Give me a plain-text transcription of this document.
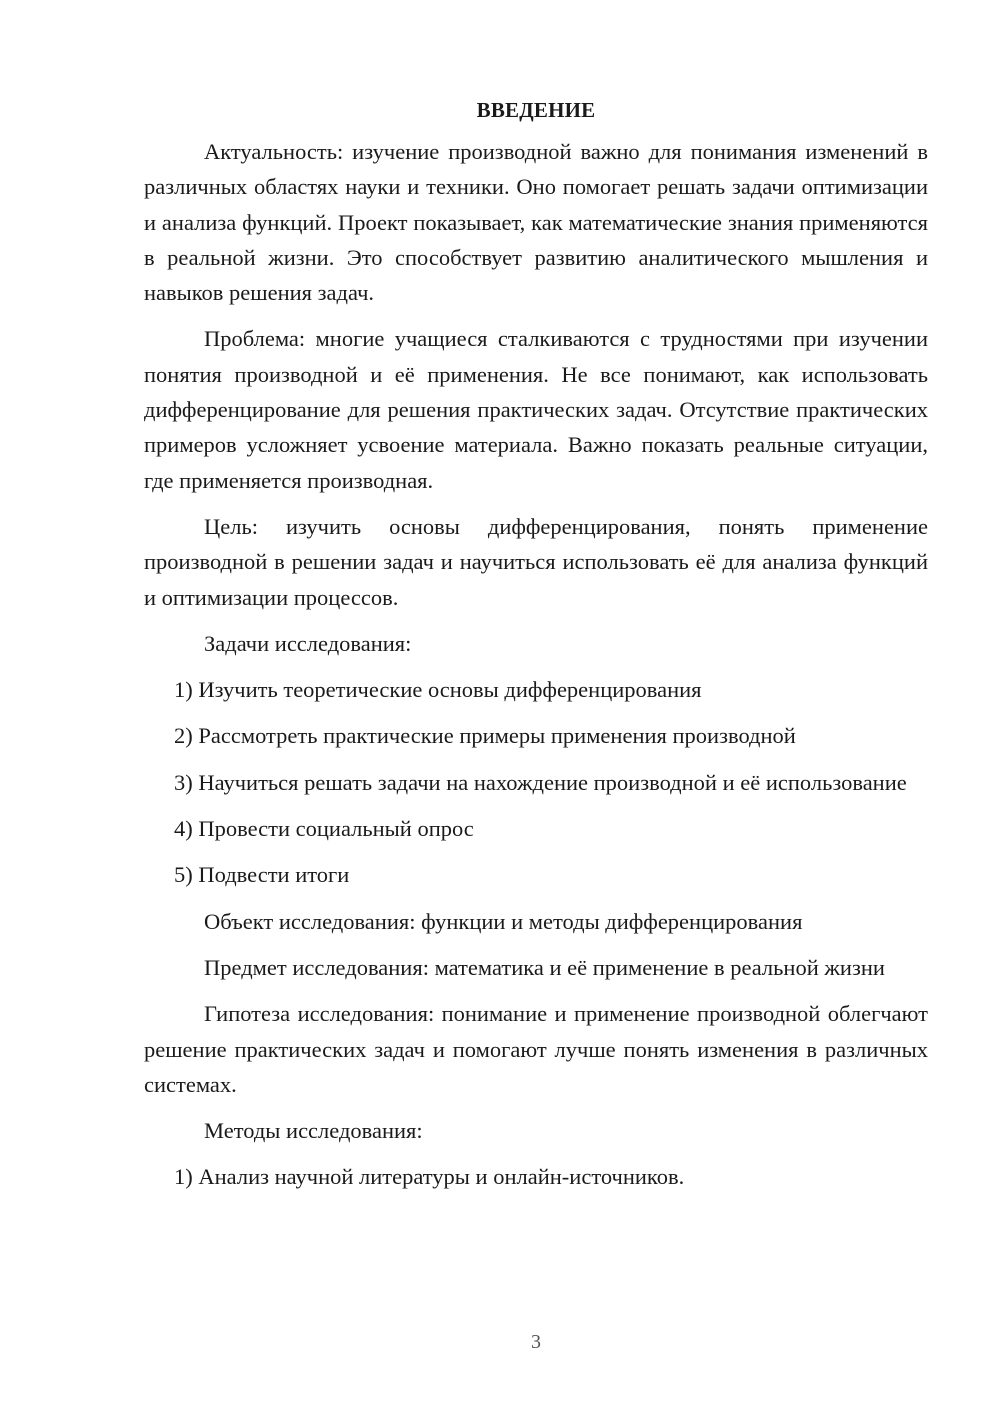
ВВЕДЕНИЕ

Актуальность: изучение производной важно для понимания изменений в различных областях науки и техники. Оно помогает решать задачи оптимизации и анализа функций. Проект показывает, как математические знания применяются в реальной жизни. Это способствует развитию аналитического мышления и навыков решения задач.

Проблема: многие учащиеся сталкиваются с трудностями при изучении понятия производной и её применения. Не все понимают, как использовать дифференцирование для решения практических задач. Отсутствие практических примеров усложняет усвоение материала. Важно показать реальные ситуации, где применяется производная.

Цель: изучить основы дифференцирования, понять применение производной в решении задач и научиться использовать её для анализа функций и оптимизации процессов.

Задачи исследования:

1) Изучить теоретические основы дифференцирования

2) Рассмотреть практические примеры применения производной

3) Научиться решать задачи на нахождение производной и её использование

4) Провести социальный опрос

5) Подвести итоги

Объект исследования: функции и методы дифференцирования

Предмет исследования: математика и её применение в реальной жизни

Гипотеза исследования: понимание и применение производной облегчают решение практических задач и помогают лучше понять изменения в различных системах.

Методы исследования:

1) Анализ научной литературы и онлайн-источников.

3
